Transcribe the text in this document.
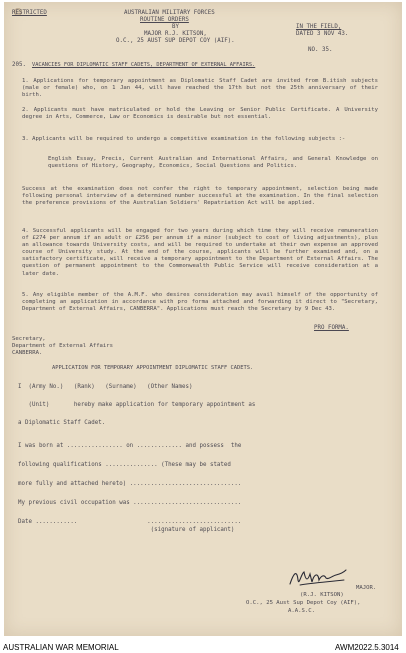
RESTRICTED	AUSTRALIAN MILITARY FORCES
ROUTINE ORDERS
BY
MAJOR R.J. KITSON,
O.C., 25 AUST SUP DEPOT COY (AIF).
IN THE FIELD,
DATED 3 NOV 43.
NO. 35.
205. VACANCIES FOR DIPLOMATIC STAFF CADETS, DEPARTMENT OF EXTERNAL AFFAIRS.
1. Applications for temporary appointment as Diplomatic Staff Cadet are invited from B.itish subjects (male or female) who, on 1 Jan 44, will have reached the 17th but not the 25th anniversary of their birth.
2. Applicants must have matriculated or hold the Leaving or Senior Public Certificate. A University degree in Arts, Commerce, Law or Economics is desirable but not essential.
3. Applicants will be required to undergo a competitive examination in the following subjects :-
English Essay, Precis, Current Australian and International Affairs, and General Knowledge on questions of History, Geography, Economics, Social Questions and Politics.
Success at the examination does not confer the right to temporary appointment, selection being made following personal interview of a determined number successful at the examination. In the final selection the preference provisions of the Australian Soldiers' Repatriation Act will be applied.
4. Successful applicants will be engaged for two years during which time they will receive remuneration of £274 per annum if an adult or £256 per annum if a minor (subject to cost of living adjustments), plus an allowance towards University costs, and will be required to undertake at their own expense an approved course of University study. At the end of the course, applicants will be further examined and, on a satisfactory certificate, will receive a temporary appointment to the Department of External Affairs. The question of permanent appointment to the Commonwealth Public Service will receive consideration at a later date.
5. Any eligible member of the A.M.F. who desires consideration may avail himself of the opportunity of completing an application in accordance with pro forma attached and forwarding it direct to "Secretary, Department of External Affairs, CANBERRA". Applications must reach the Secretary by 9 Dec 43.
PRO FORMA.
Secretary,
Department of External Affairs
CANBERRA.
APPLICATION FOR TEMPORARY APPOINTMENT DIPLOMATIC STAFF CADETS.
I  (Army No.)   (Rank)   (Surname)   (Other Names)
(Unit)       hereby make application for temporary appointment as
a Diplomatic Staff Cadet.
I was born at ................ on ............. and possess  the
following qualifications ............... (These may be stated
more fully and attached hereto) ................................
My previous civil occupation was ...............................
Date ............                    ...........................
(signature of applicant)
MAJOR.
(R.J. KITSON)
O.C., 25 Aust Sup Depot Coy (AIF),
A.A.S.C.
AUSTRALIAN WAR MEMORIAL	AWM2022.5.3014
